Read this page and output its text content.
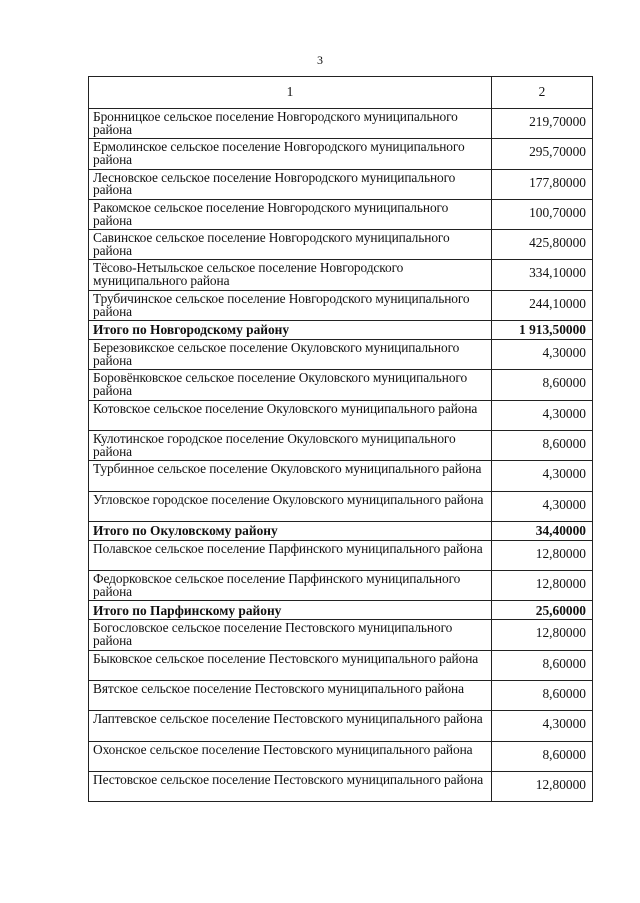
3
1	2
Бронницкое сельское поселение Новгородского муниципального района	219,70000
Ермолинское сельское поселение Новгородского муниципального района	295,70000
Лесновское сельское поселение Новгородского муниципального района	177,80000
Ракомское сельское поселение Новгородского муниципального района	100,70000
Савинское сельское поселение Новгородского муниципального района	425,80000
Тёсово-Нетыльское сельское поселение Новгородского муниципального района	334,10000
Трубичинское сельское поселение Новгородского муниципального района	244,10000
Итого по Новгородскому району	1 913,50000
Березовикское сельское поселение Окуловского муниципального района	4,30000
Боровёнковское сельское поселение Окуловского муниципального района	8,60000
Котовское сельское поселение Окуловского муниципального района	4,30000
Кулотинское городское поселение Окуловского муниципального района	8,60000
Турбинное сельское поселение Окуловского муниципального района	4,30000
Угловское городское поселение Окуловского муниципального района	4,30000
Итого по Окуловскому району	34,40000
Полавское сельское поселение Парфинского муниципального района	12,80000
Федорковское сельское поселение Парфинского муниципального района	12,80000
Итого по Парфинскому району	25,60000
Богословское сельское поселение Пестовского муниципального района	12,80000
Быковское сельское поселение Пестовского муниципального района	8,60000
Вятское сельское поселение Пестовского муниципального района	8,60000
Лаптевское сельское поселение Пестовского муниципального района	4,30000
Охонское сельское поселение Пестовского муниципального района	8,60000
Пестовское сельское поселение Пестовского муниципального района	12,80000
